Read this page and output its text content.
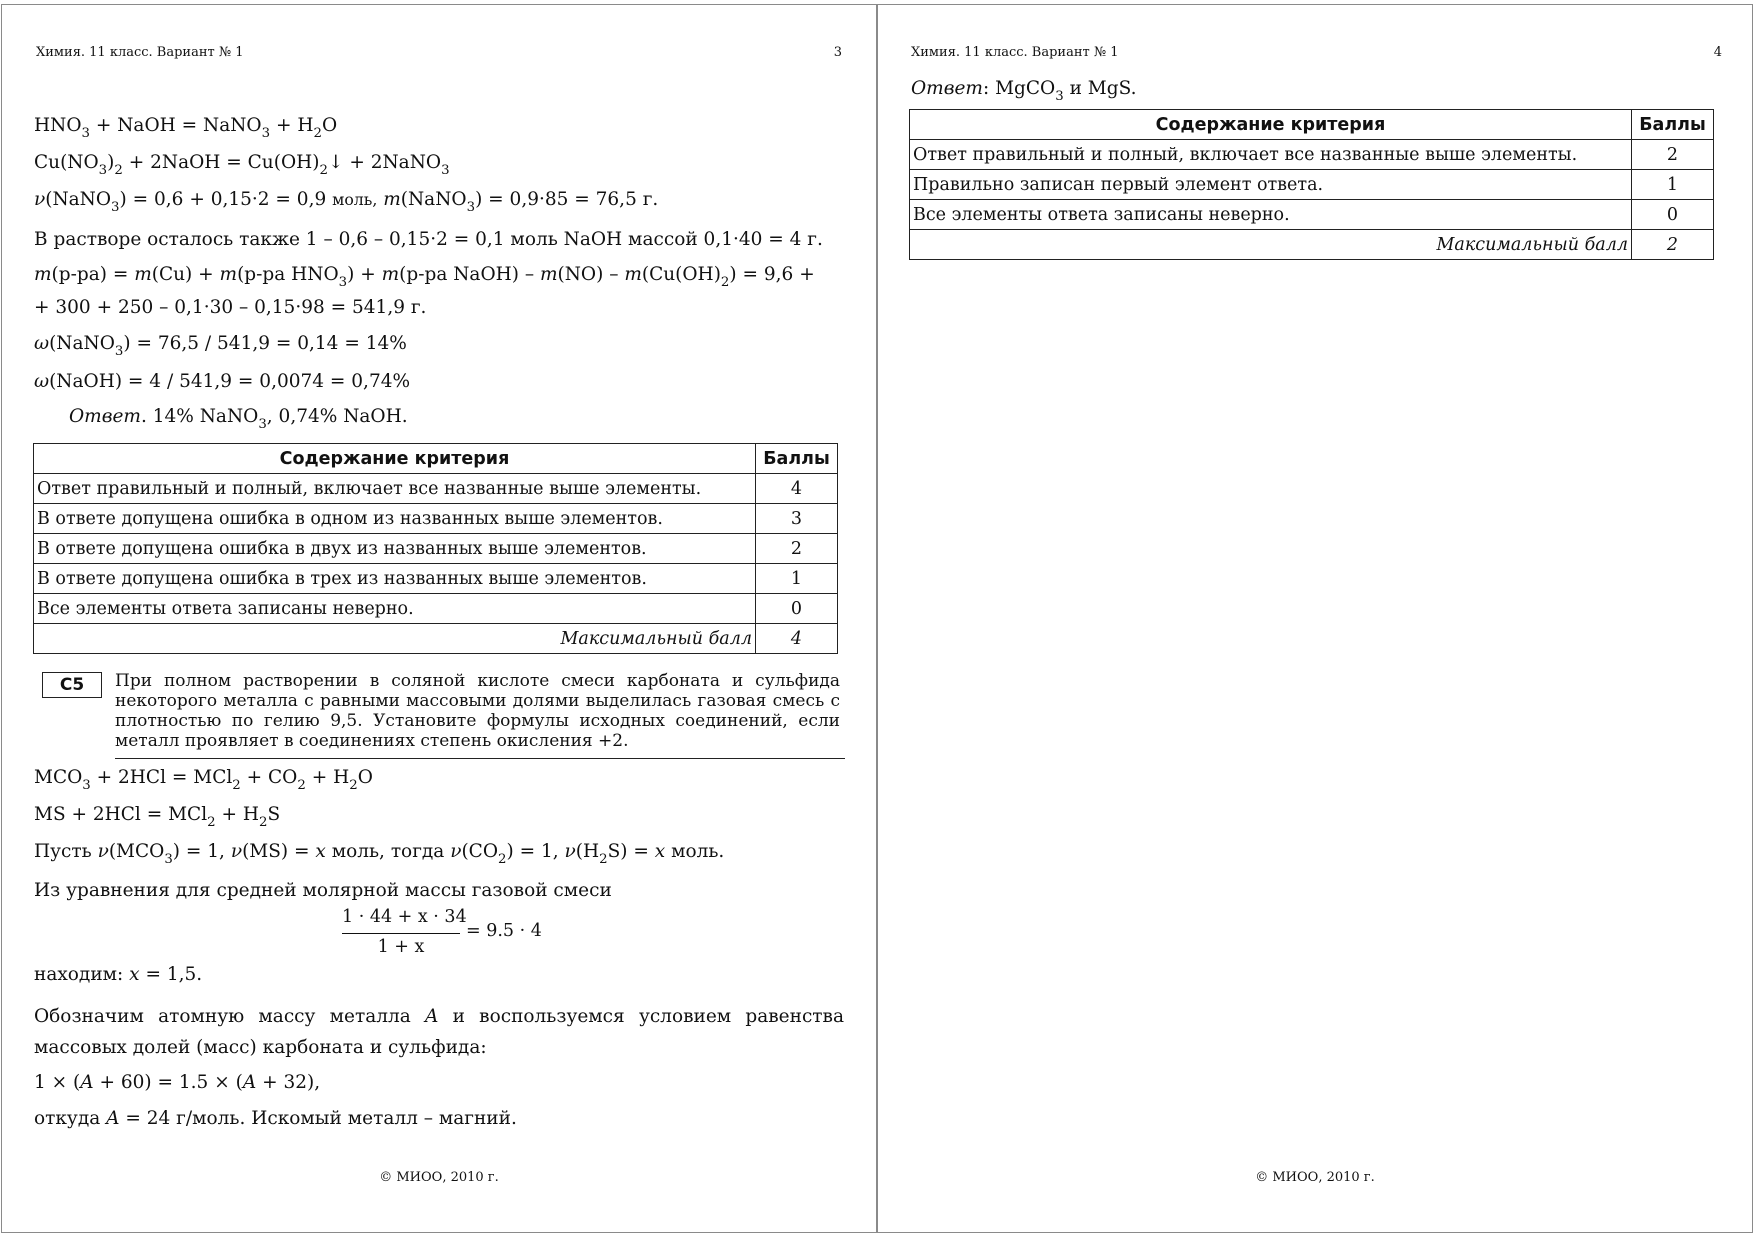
Химия. 11 класс. Вариант № 1	3
$HNO_3$ + NaOH = NaNO$_3$ + $H_2O$
$Cu(NO_3)_2$ + 2NaOH = $Cu(OH)_2↓$ + 2NaNO$_3$
ν(NaNO$_3$) = 0,6 + 0,15·2 = 0,9 моль, m(NaNO$_3$) = 0,9·85 = 76,5 г.
В растворе осталось также 1 – 0,6 – 0,15·2 = 0,1 моль NaOH массой 0,1·40 = 4 г.
m(р-ра) = m(Cu) + m(р-ра $HNO_3) + m(р-ра$ NaOH) – $m(NO) - m(Cu(OH)_2) = 9,6$ +
+ 300 + 250 – 0,1·30 – 0,15·98 = 541,9 г.
ω(NaNO$_3$) = 76,5 / 541,9 = 0,14 = 14%
ω(NaOH) = 4 / 541,9 = 0,0074 = 0,74%
Ответ. 14% NaNO$_3$, 0,74% NaOH.
Содержание критерия	Баллы
Ответ правильный и полный, включает все названные выше элементы.	4
В ответе допущена ошибка в одном из названных выше элементов.	3
В ответе допущена ошибка в двух из названных выше элементов.	2
В ответе допущена ошибка в трех из названных выше элементов.	1
Все элементы ответа записаны неверно.	0
Максимальный балл	4
C5	При полном растворении в соляной кислоте смеси карбоната и сульфида некоторого металла с равными массовыми долями выделилась газовая смесь с плотностью по гелию 9,5. Установите формулы исходных соединений, если металл проявляет в соединениях степень окисления +2.
$MCO_3 + 2HCl = MCl_2 + CO_2 + H_2O$
MS + $2HCl = MCl_2 + H_2S$
Пусть $\nu(MCO_3) = 1$, ν(MS) = x моль, тогда $\nu(CO_2) = 1$, $\nu(H_2S) = x$ моль.
Из уравнения для средней молярной массы газовой смеси
1 · 44 + x · 34
1 + x
= 9.5 · 4
находим: x = 1,5.
Обозначим атомную массу металла A и воспользуемся условием равенства массовых долей (масс) карбоната и сульфида:
1 × (A + 60) = 1.5 × (A + 32),
откуда A = 24 г/моль. Искомый металл – магний.
© МИОО, 2010 г.
Химия. 11 класс. Вариант № 1	4
Ответ: MgCO$_3$ и MgS.
Содержание критерия	Баллы
Ответ правильный и полный, включает все названные выше элементы.	2
Правильно записан первый элемент ответа.	1
Все элементы ответа записаны неверно.	0
Максимальный балл	2
© МИОО, 2010 г.
